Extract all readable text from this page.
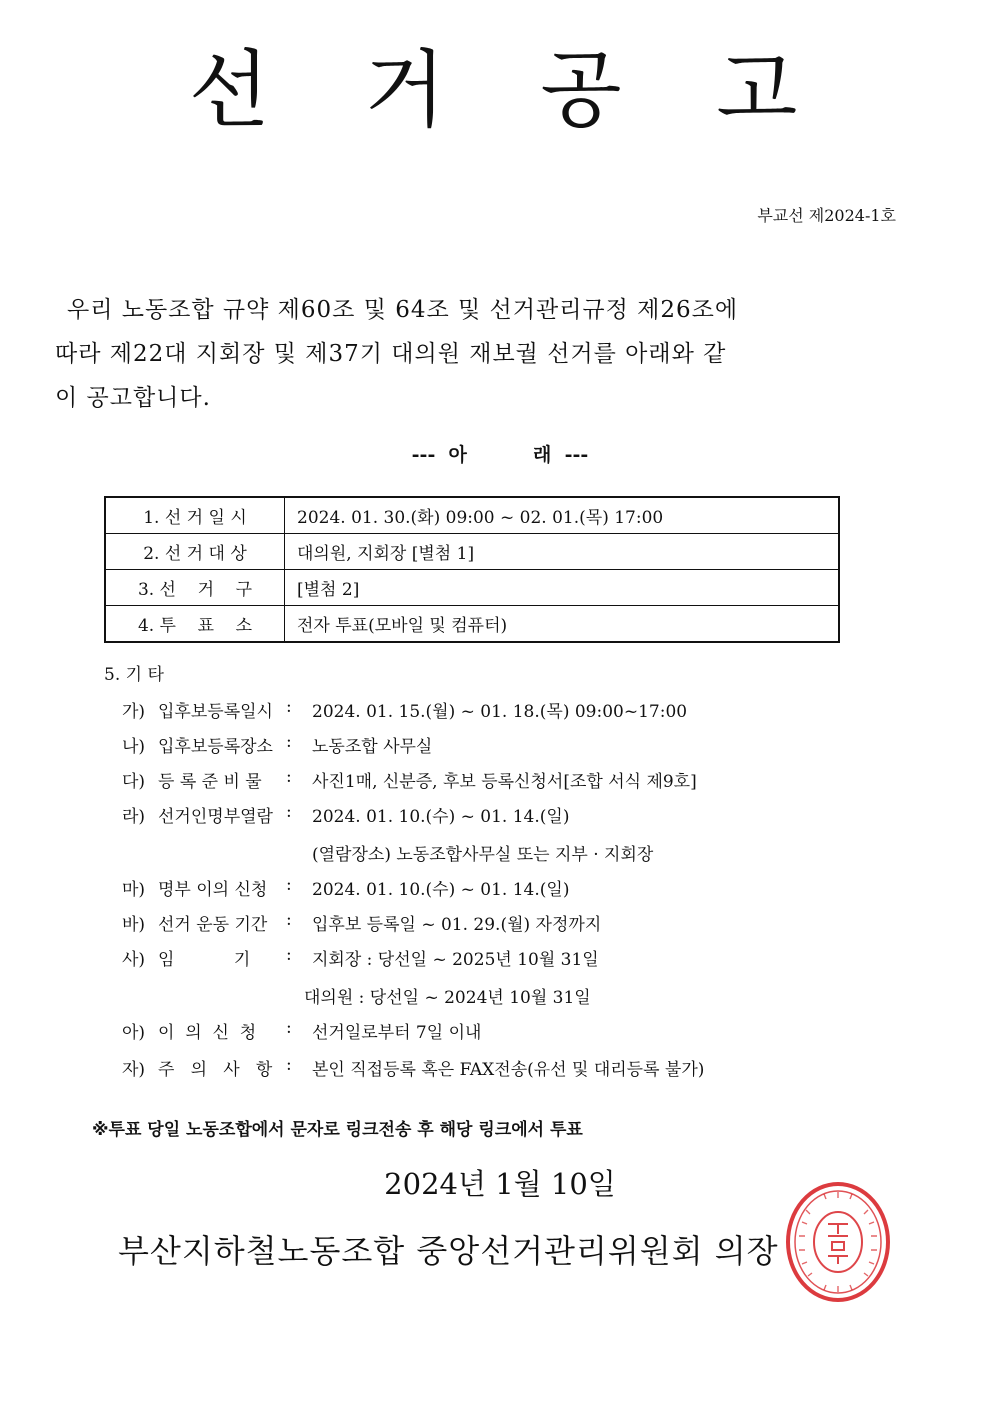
선 거 공 고
부교선 제2024-1호

우리 노동조합 규약 제60조 및 64조 및 선거관리규정 제26조에
따라 제22대 지회장 및 제37기 대의원 재보궐 선거를 아래와 같
이 공고합니다.

---  아          래  ---
1. 선 거 일 시	2024. 01. 30.(화) 09:00 ~ 02. 01.(목) 17:00
2. 선 거 대 상	대의원, 지회장 [별첨 1]
3. 선    거    구	[별첨 2]
4. 투    표    소	전자 투표(모바일 및 컴퓨터)
5. 기 타
가) 입후보등록일시 :	2024. 01. 15.(월) ~ 01. 18.(목) 09:00~17:00
나) 입후보등록장소 :	노동조합 사무실
다) 등 록 준 비 물	:	사진1매, 신분증, 후보 등록신청서[조합 서식 제9호]
라) 선거인명부열람 :	2024. 01. 10.(수) ~ 01. 14.(일)
(열람장소) 노동조합사무실 또는 지부 · 지회장
마) 명부 이의 신청	:	2024. 01. 10.(수) ~ 01. 14.(일)
바) 선거 운동 기간	:	입후보 등록일 ~ 01. 29.(월) 자정까지
사) 임           기	:	지회장 : 당선일 ~ 2025년 10월 31일
대의원 : 당선일 ~ 2024년 10월 31일
아) 이  의  신  청	:	선거일로부터 7일 이내
자) 주   의   사   항 :	본인 직접등록 혹은 FAX전송(유선 및 대리등록 불가)
※투표 당일 노동조합에서 문자로 링크전송 후 해당 링크에서 투표
2024년 1월 10일
부산지하철노동조합 중앙선거관리위원회 의장
